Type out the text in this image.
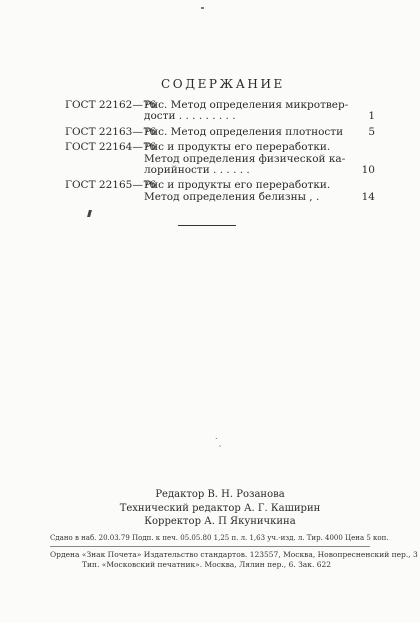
СОДЕРЖАНИЕ
ГОСТ 22162—76
Рис. Метод определения микротвер-
дости . . . . . . . . .	1
ГОСТ 22163—76
Рис. Метод определения плотности	5
ГОСТ 22164—76
Рис и продукты его переработки.
Метод определения физической ка-
лорийности . . . . . .	10
ГОСТ 22165—76
Рис и продукты его переработки.
Метод определения белизны , .	14
˙ˏ
Редактор В. Н. Розанова
Технический редактор А. Г. Каширин
Корректор А. П Якуничкина
Сдано в наб. 20.03.79 Подп. к печ. 05.05.80 1,25 п. л. 1,63 уч.-изд. л. Тир. 4000 Цена 5 коп.
Ордена «Знак Почета» Издательство стандартов. 123557, Москва, Новопресненский пер., 3
Тип. «Московский печатник». Москва, Лялин пер., 6. Зак. 622
